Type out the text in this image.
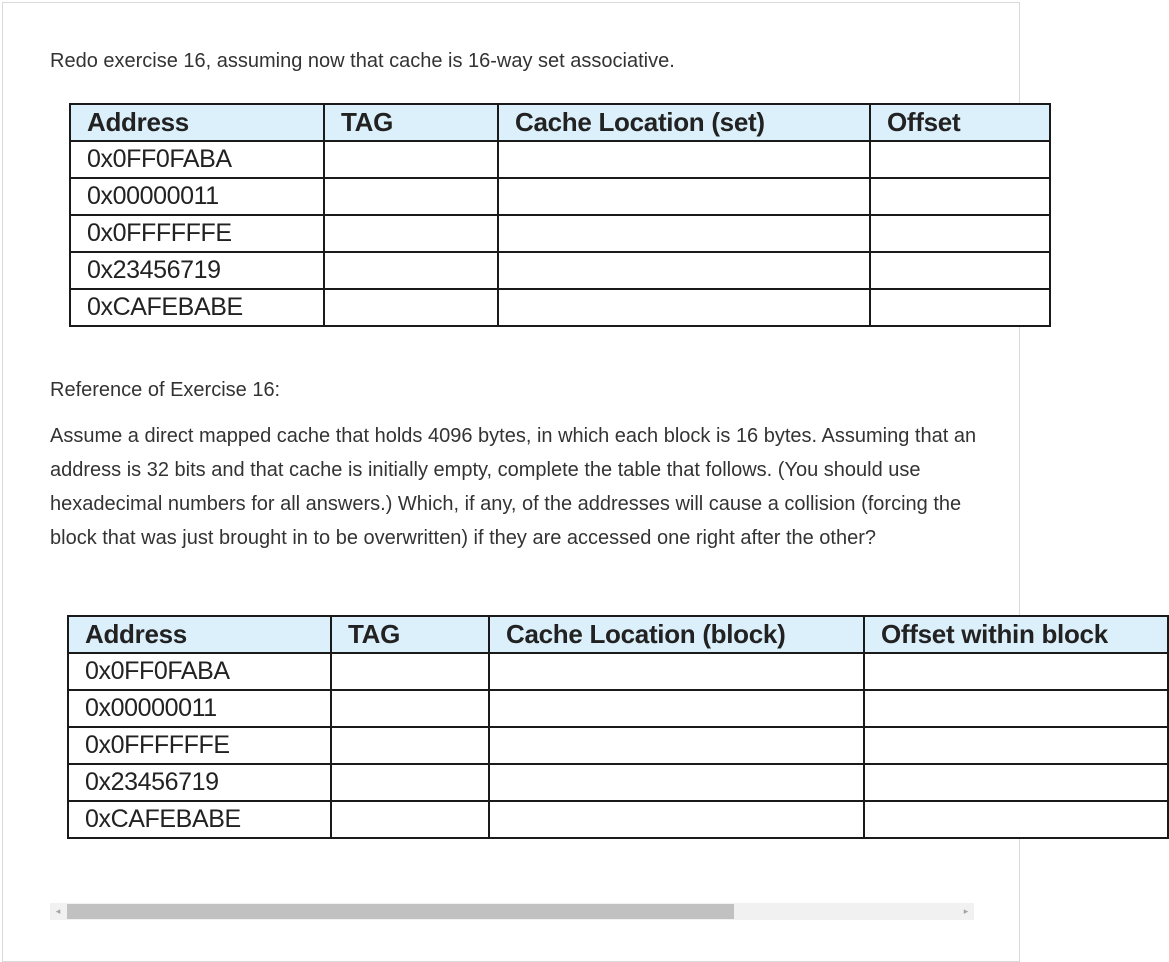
Redo exercise 16, assuming now that cache is 16-way set associative.

Address	TAG	Cache Location (set)	Offset
0x0FF0FABA			
0x00000011			
0x0FFFFFFE			
0x23456719			
0xCAFEBABE			

Reference of Exercise 16:

Assume a direct mapped cache that holds 4096 bytes, in which each block is 16 bytes. Assuming that an address is 32 bits and that cache is initially empty, complete the table that follows. (You should use hexadecimal numbers for all answers.) Which, if any, of the addresses will cause a collision (forcing the block that was just brought in to be overwritten) if they are accessed one right after the other?

Address	TAG	Cache Location (block)	Offset within block
0x0FF0FABA			
0x00000011			
0x0FFFFFFE			
0x23456719			
0xCAFEBABE			
◂	▸
